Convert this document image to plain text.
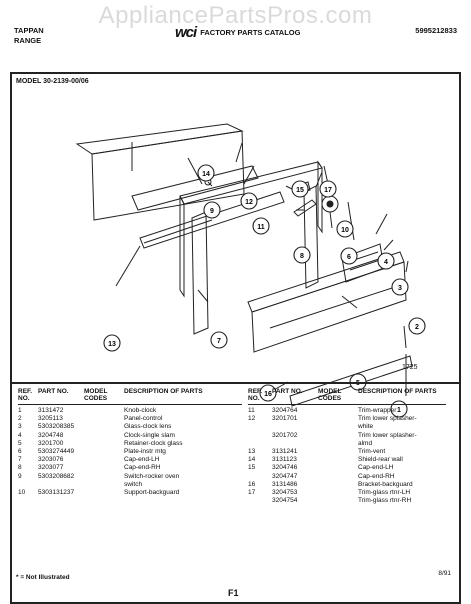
AppliancePartsPros.com
TAPPAN
RANGE	wci FACTORY PARTS CATALOG	5995212833
MODEL 30-2139-00/06
1
2
3
4
5
6
7
8
9
10
11
12
13
14
15
16
17
1725
REF. NO.
PART NO.	MODEL CODES
DESCRIPTION OF PARTS
1	3131472	Knob-clock
2	3205113	Panel-control
3	5303208385	Glass-clock lens
4	3204748	Clock-single slam
5	3201700	Retainer-clock glass
6	5303274449	Plate-instr mtg
7	3203076	Cap-end-LH
8	3203077	Cap-end-RH
9	5303208682	Switch-rocker oven
switch
10	5303131237	Support-backguard
REF. NO.
PART NO.	MODEL CODES
DESCRIPTION OF PARTS
11	3204764	Trim-wrapper
12	3201701	Trim lower splasher-
white
3201702	Trim lower splasher-
almd
13	3131241	Trim-vent
14	3131123	Shield-rear wall
15	3204746	Cap-end-LH
3204747	Cap-end-RH
16	3131486	Bracket-backguard
17	3204753	Trim-glass rtnr-LH
3204754	Trim-glass rtnr-RH
* = Not Illustrated
F1
8/91
